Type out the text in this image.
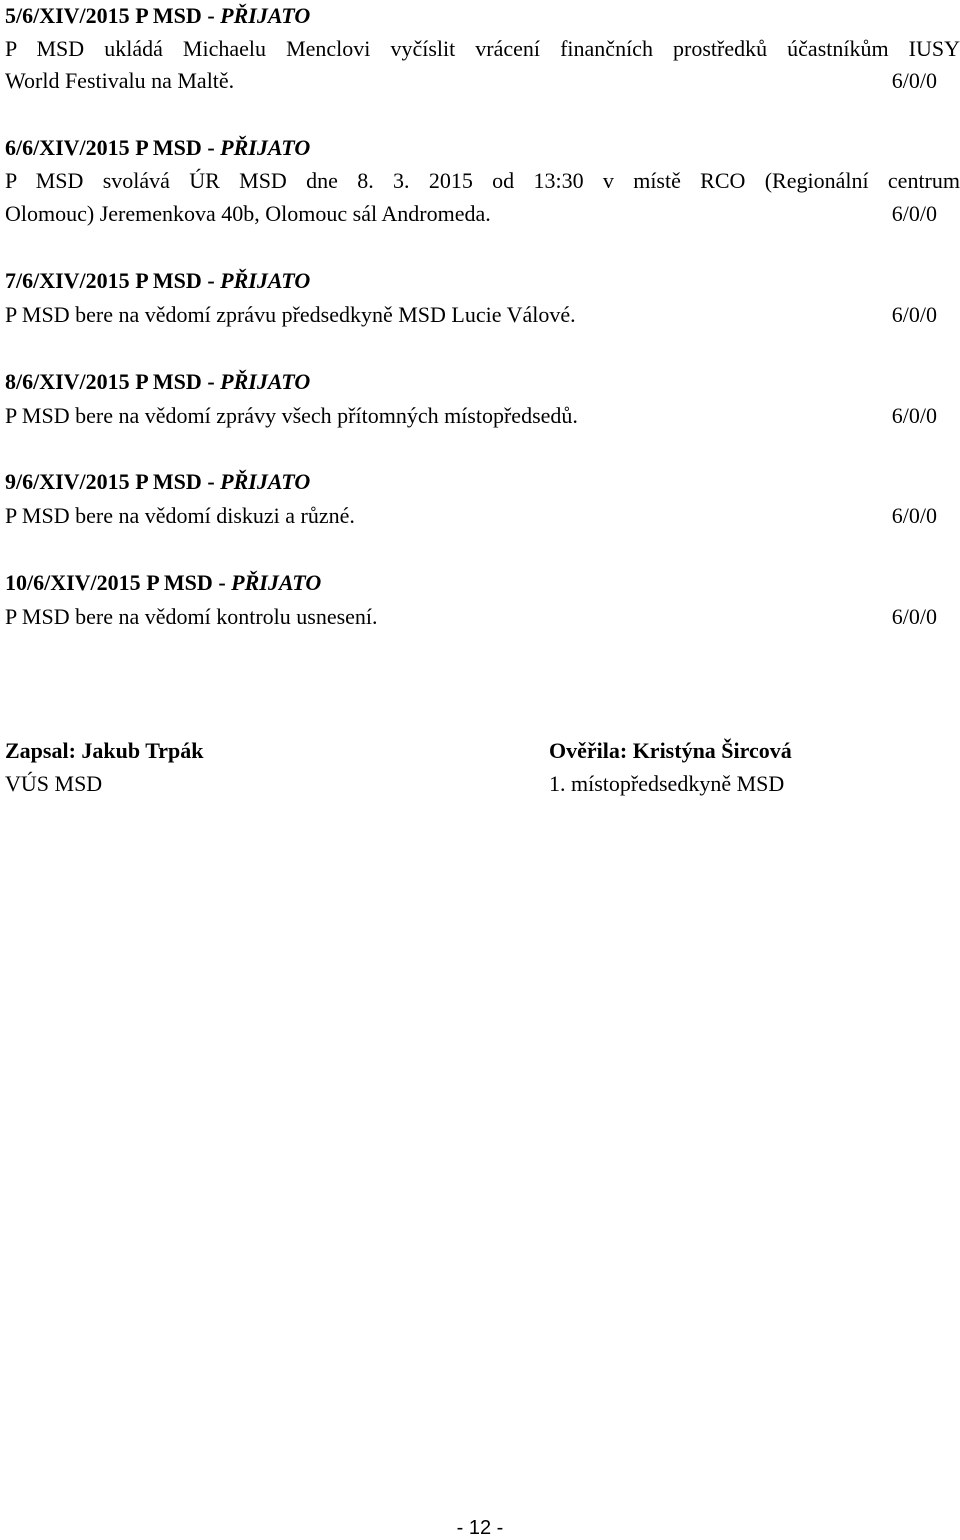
5/6/XIV/2015 P MSD - PŘIJATO
P MSD ukládá Michaelu Menclovi vyčíslit vrácení finančních prostředků účastníkům IUSY
World Festivalu na Maltě.	6/0/0
6/6/XIV/2015 P MSD - PŘIJATO
P MSD svolává ÚR MSD dne 8. 3. 2015 od 13:30 v místě RCO (Regionální centrum
Olomouc) Jeremenkova 40b, Olomouc sál Andromeda.	6/0/0
7/6/XIV/2015 P MSD - PŘIJATO
P MSD bere na vědomí zprávu předsedkyně MSD Lucie Válové.	6/0/0
8/6/XIV/2015 P MSD - PŘIJATO
P MSD bere na vědomí zprávy všech přítomných místopředsedů.	6/0/0
9/6/XIV/2015 P MSD - PŘIJATO
P MSD bere na vědomí diskuzi a různé.	6/0/0
10/6/XIV/2015 P MSD - PŘIJATO
P MSD bere na vědomí kontrolu usnesení.	6/0/0
Zapsal: Jakub Trpák
VÚS MSD
Ověřila: Kristýna Šircová
1. místopředsedkyně MSD
- 12 -
